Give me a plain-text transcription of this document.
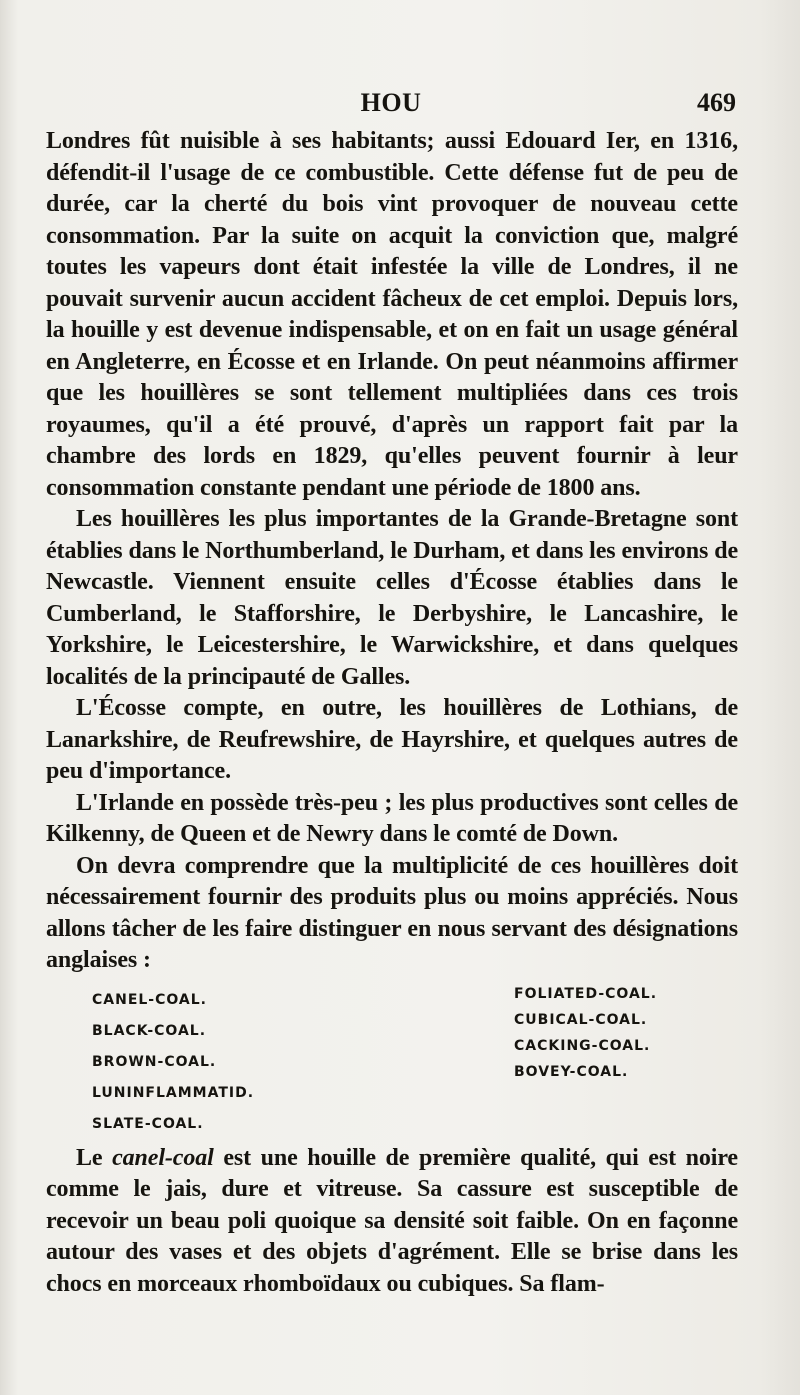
HOU	469

Londres fût nuisible à ses habitants; aussi Edouard Ier, en 1316, défendit-il l'usage de ce combustible. Cette défense fut de peu de durée, car la cherté du bois vint provoquer de nouveau cette consommation. Par la suite on acquit la conviction que, malgré toutes les vapeurs dont était infestée la ville de Londres, il ne pouvait survenir aucun accident fâcheux de cet emploi. Depuis lors, la houille y est devenue indispensable, et on en fait un usage général en Angleterre, en Écosse et en Irlande. On peut néanmoins affirmer que les houillères se sont tellement multipliées dans ces trois royaumes, qu'il a été prouvé, d'après un rapport fait par la chambre des lords en 1829, qu'elles peuvent fournir à leur consommation constante pendant une période de 1800 ans.

Les houillères les plus importantes de la Grande-Bretagne sont établies dans le Northumberland, le Durham, et dans les environs de Newcastle. Viennent ensuite celles d'Écosse établies dans le Cumberland, le Stafforshire, le Derbyshire, le Lancashire, le Yorkshire, le Leicestershire, le Warwickshire, et dans quelques localités de la principauté de Galles.

L'Écosse compte, en outre, les houillères de Lothians, de Lanarkshire, de Reufrewshire, de Hayrshire, et quelques autres de peu d'importance.

L'Irlande en possède très-peu ; les plus productives sont celles de Kilkenny, de Queen et de Newry dans le comté de Down.

On devra comprendre que la multiplicité de ces houillères doit nécessairement fournir des produits plus ou moins appréciés. Nous allons tâcher de les faire distinguer en nous servant des désignations anglaises :

CANEL-COAL.
BLACK-COAL.
BROWN-COAL.
LUNINFLAMMATID.
SLATE-COAL.
FOLIATED-COAL.
CUBICAL-COAL.
CACKING-COAL.
BOVEY-COAL.

Le canel-coal est une houille de première qualité, qui est noire comme le jais, dure et vitreuse. Sa cassure est susceptible de recevoir un beau poli quoique sa densité soit faible. On en façonne autour des vases et des objets d'agrément. Elle se brise dans les chocs en morceaux rhomboïdaux ou cubiques. Sa flam-
